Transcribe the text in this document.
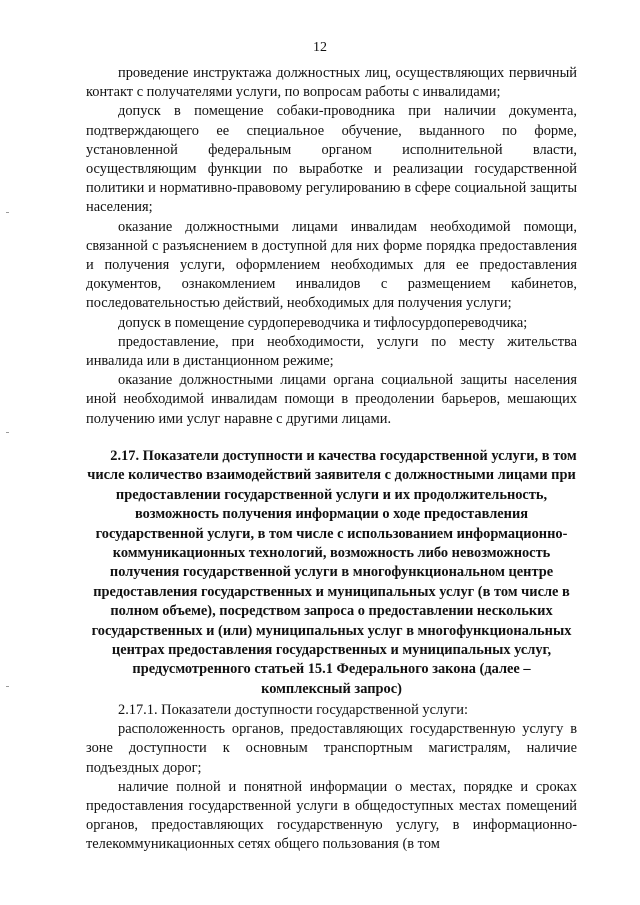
12

проведение инструктажа должностных лиц, осуществляющих первичный контакт с получателями услуги, по вопросам работы с инвалидами;

допуск в помещение собаки-проводника при наличии документа, подтверждающего ее специальное обучение, выданного по форме, установленной федеральным органом исполнительной власти, осуществляющим функции по выработке и реализации государственной политики и нормативно-правовому регулированию в сфере социальной защиты населения;

оказание должностными лицами инвалидам необходимой помощи, связанной с разъяснением в доступной для них форме порядка предоставления и получения услуги, оформлением необходимых для ее предоставления документов, ознакомлением инвалидов с размещением кабинетов, последовательностью действий, необходимых для получения услуги;

допуск в помещение сурдопереводчика и тифлосурдопереводчика;

предоставление, при необходимости, услуги по месту жительства инвалида или в дистанционном режиме;

оказание должностными лицами органа социальной защиты населения иной необходимой инвалидам помощи в преодолении барьеров, мешающих получению ими услуг наравне с другими лицами.

2.17. Показатели доступности и качества государственной услуги, в том числе количество взаимодействий заявителя с должностными лицами при предоставлении государственной услуги и их продолжительность, возможность получения информации о ходе предоставления государственной услуги, в том числе с использованием информационно-коммуникационных технологий, возможность либо невозможность получения государственной услуги в многофункциональном центре предоставления государственных и муниципальных услуг (в том числе в полном объеме), посредством запроса о предоставлении нескольких государственных и (или) муниципальных услуг в многофункциональных центрах предоставления государственных и муниципальных услуг, предусмотренного статьей 15.1 Федерального закона (далее – комплексный запрос)

2.17.1. Показатели доступности государственной услуги:

расположенность органов, предоставляющих государственную услугу в зоне доступности к основным транспортным магистралям, наличие подъездных дорог;

наличие полной и понятной информации о местах, порядке и сроках предоставления государственной услуги в общедоступных местах помещений органов, предоставляющих государственную услугу, в информационно-телекоммуникационных сетях общего пользования (в том
